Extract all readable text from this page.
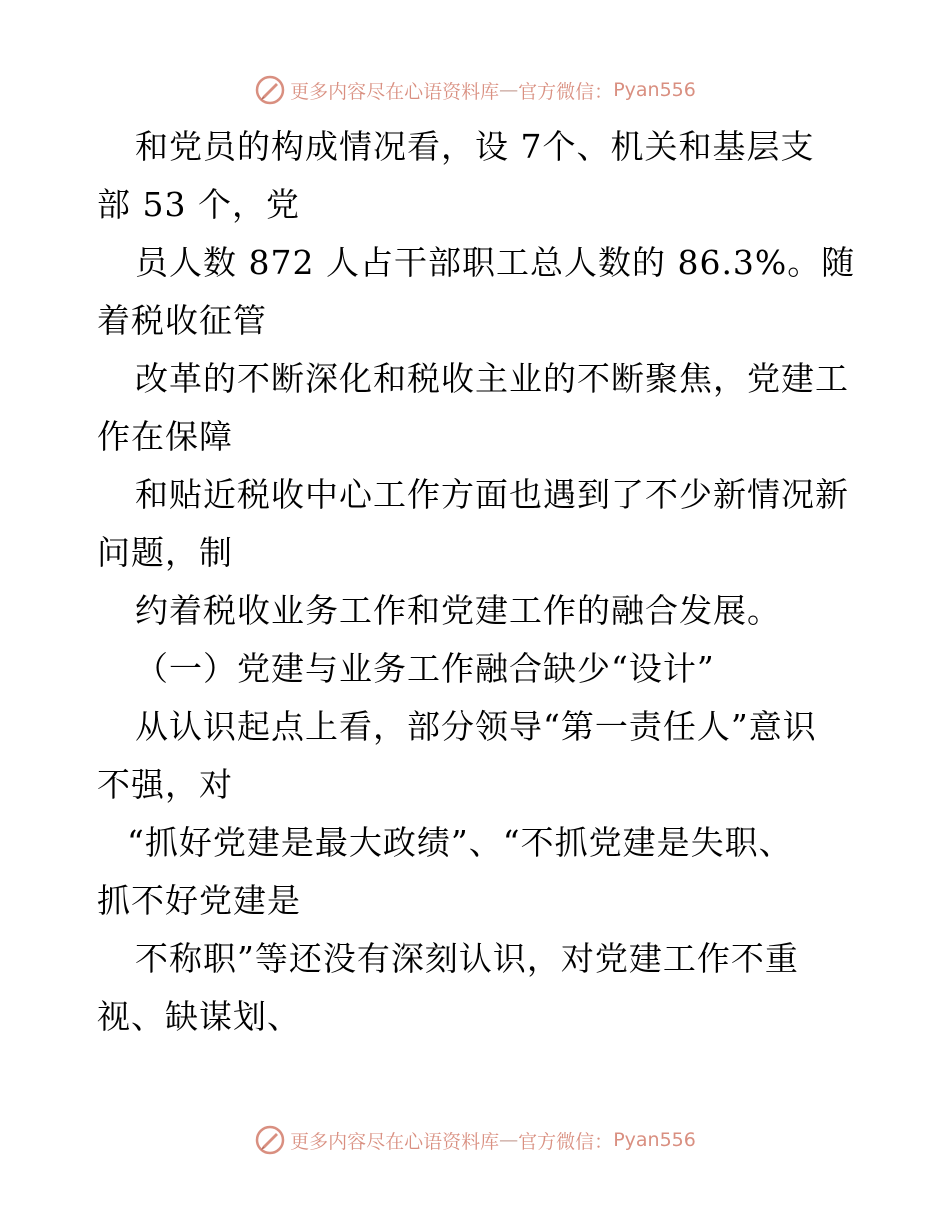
更多内容尽在心语资料库 — 官方微信： Pyan556
和党员的构成情况看，设 7个、机关和基层支
部 53 个，党
员人数 872 人占干部职工总人数的 86.3%。随
着税收征管
改革的不断深化和税收主业的不断聚焦，党建工
作在保障
和贴近税收中心工作方面也遇到了不少新情况新
问题，制
约着税收业务工作和党建工作的融合发展。
（一）党建与业务工作融合缺少“设计”
从认识起点上看，部分领导“第一责任人”意识
不强，对
“抓好党建是最大政绩”、“不抓党建是失职、
抓不好党建是
不称职”等还没有深刻认识，对党建工作不重
视、缺谋划、
更多内容尽在心语资料库 — 官方微信： Pyan556
